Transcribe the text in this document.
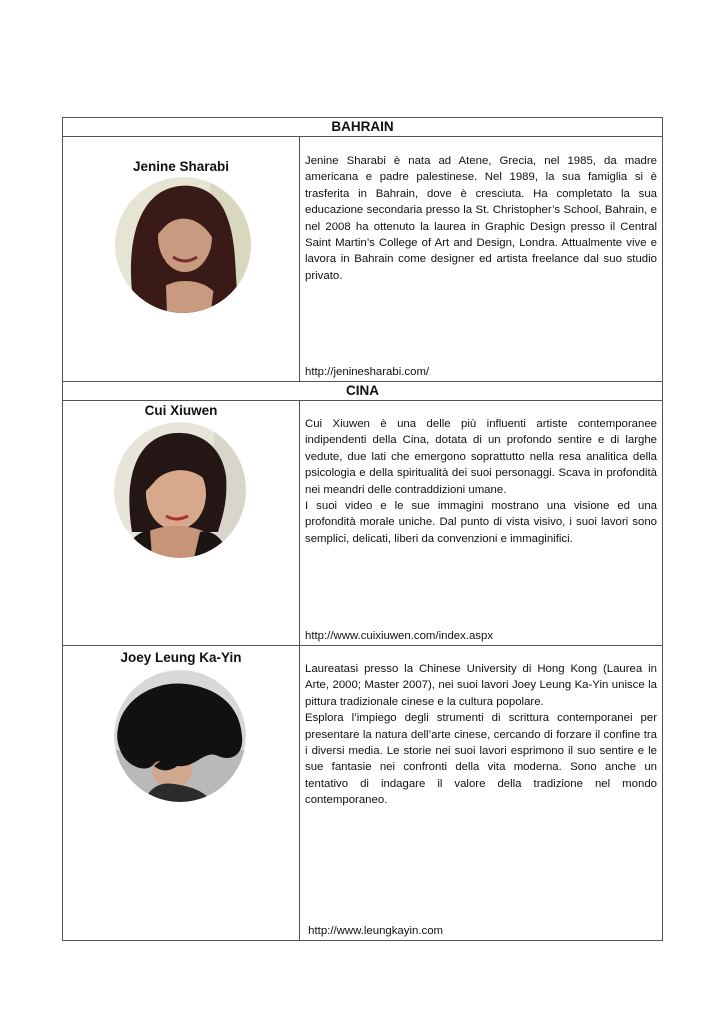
BAHRAIN	

Jenine Sharabi	Jenine Sharabi è nata ad Atene, Grecia, nel 1985, da madre americana e padre palestinese. Nel 1989, la sua famiglia si è trasferita in Bahrain, dove è cresciuta. Ha completato la sua educazione secondaria presso la St. Christopher’s School, Bahrain, e nel 2008 ha ottenuto la laurea in Graphic Design presso il Central Saint Martin’s College of Art and Design, Londra. Attualmente vive e lavora in Bahrain come designer ed artista freelance dal suo studio privato.

http://jeninesharabi.com/

CINA	

Cui Xiuwen	Cui Xiuwen è una delle più influenti artiste contemporanee indipendenti della Cina, dotata di un profondo sentire e di larghe vedute, due lati che emergono soprattutto nella resa analitica della psicologia e della spiritualità dei suoi personaggi. Scava in profondità nei meandri delle contraddizioni umane.

I suoi video e le sue immagini mostrano una visione ed una profondità morale uniche. Dal punto di vista visivo, i suoi lavori sono semplici, delicati, liberi da convenzioni e immaginifici.

http://www.cuixiuwen.com/index.aspx

Joey Leung Ka-Yin	Laureatasi presso la Chinese University di Hong Kong (Laurea in Arte, 2000; Master 2007), nei suoi lavori Joey Leung Ka-Yin unisce la pittura tradizionale cinese e la cultura popolare.

Esplora l’impiego degli strumenti di scrittura contemporanei per presentare la natura dell’arte cinese, cercando di forzare il confine tra i diversi media. Le storie nei suoi lavori esprimono il suo sentire e le sue fantasie nei confronti della vita moderna. Sono anche un tentativo di indagare il valore della tradizione nel mondo contemporaneo.

http://www.leungkayin.com
